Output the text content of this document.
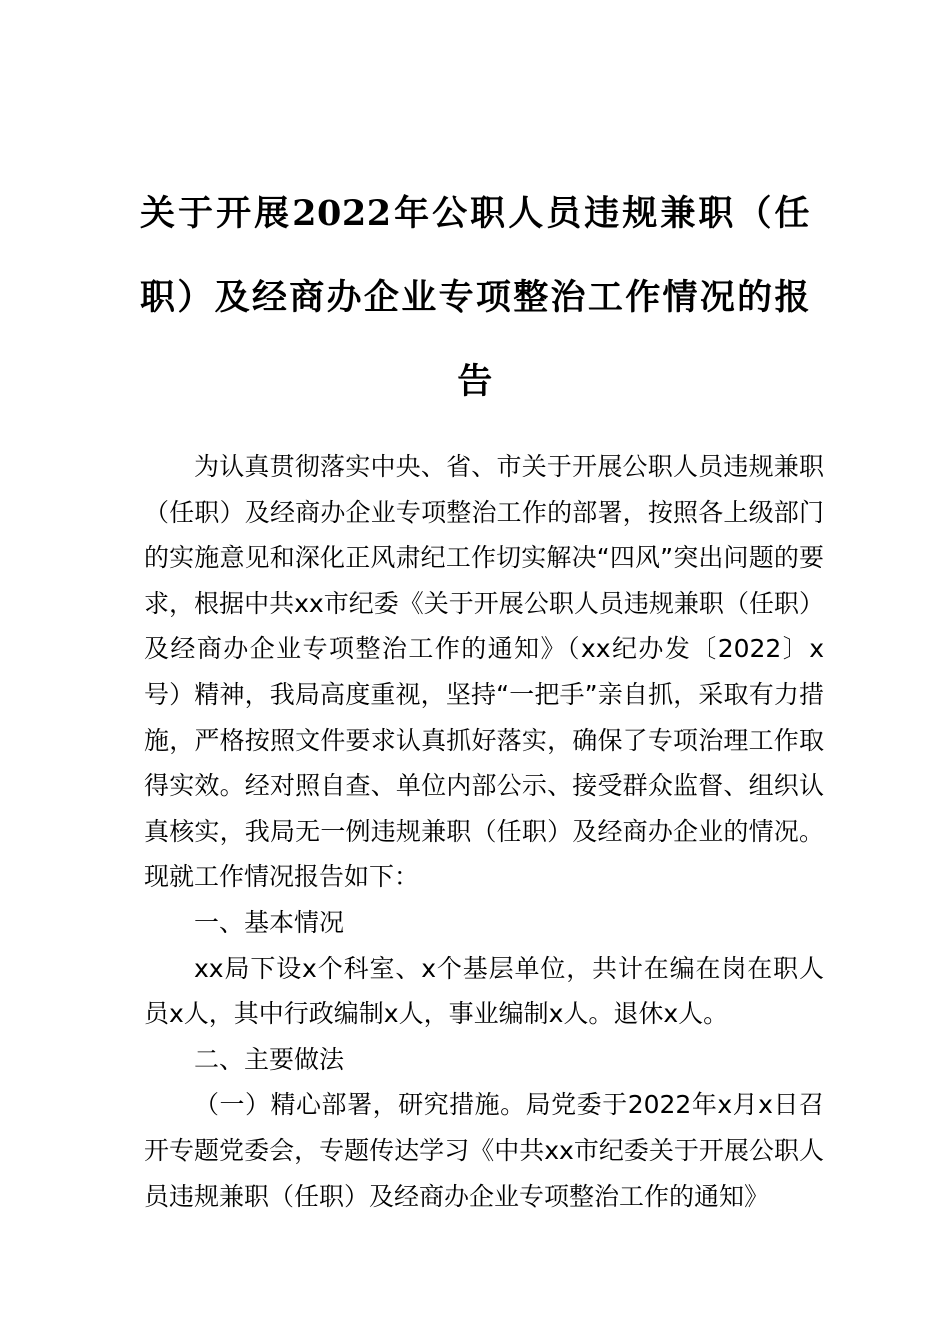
关于开展2022年公职人员违规兼职（任职）及经商办企业专项整治工作情况的报告

为认真贯彻落实中央、省、市关于开展公职人员违规兼职（任职）及经商办企业专项整治工作的部署，按照各上级部门的实施意见和深化正风肃纪工作切实解决“四风”突出问题的要求，根据中共xx市纪委《关于开展公职人员违规兼职（任职）及经商办企业专项整治工作的通知》（xx纪办发〔2022〕x号）精神，我局高度重视，坚持“一把手”亲自抓，采取有力措施，严格按照文件要求认真抓好落实，确保了专项治理工作取得实效。经对照自查、单位内部公示、接受群众监督、组织认真核实，我局无一例违规兼职（任职）及经商办企业的情况。现就工作情况报告如下：

一、基本情况

xx局下设x个科室、x个基层单位，共计在编在岗在职人员x人，其中行政编制x人，事业编制x人。退休x人。

二、主要做法

（一）精心部署，研究措施。局党委于2022年x月x日召开专题党委会，专题传达学习《中共xx市纪委关于开展公职人员违规兼职（任职）及经商办企业专项整治工作的通知》
